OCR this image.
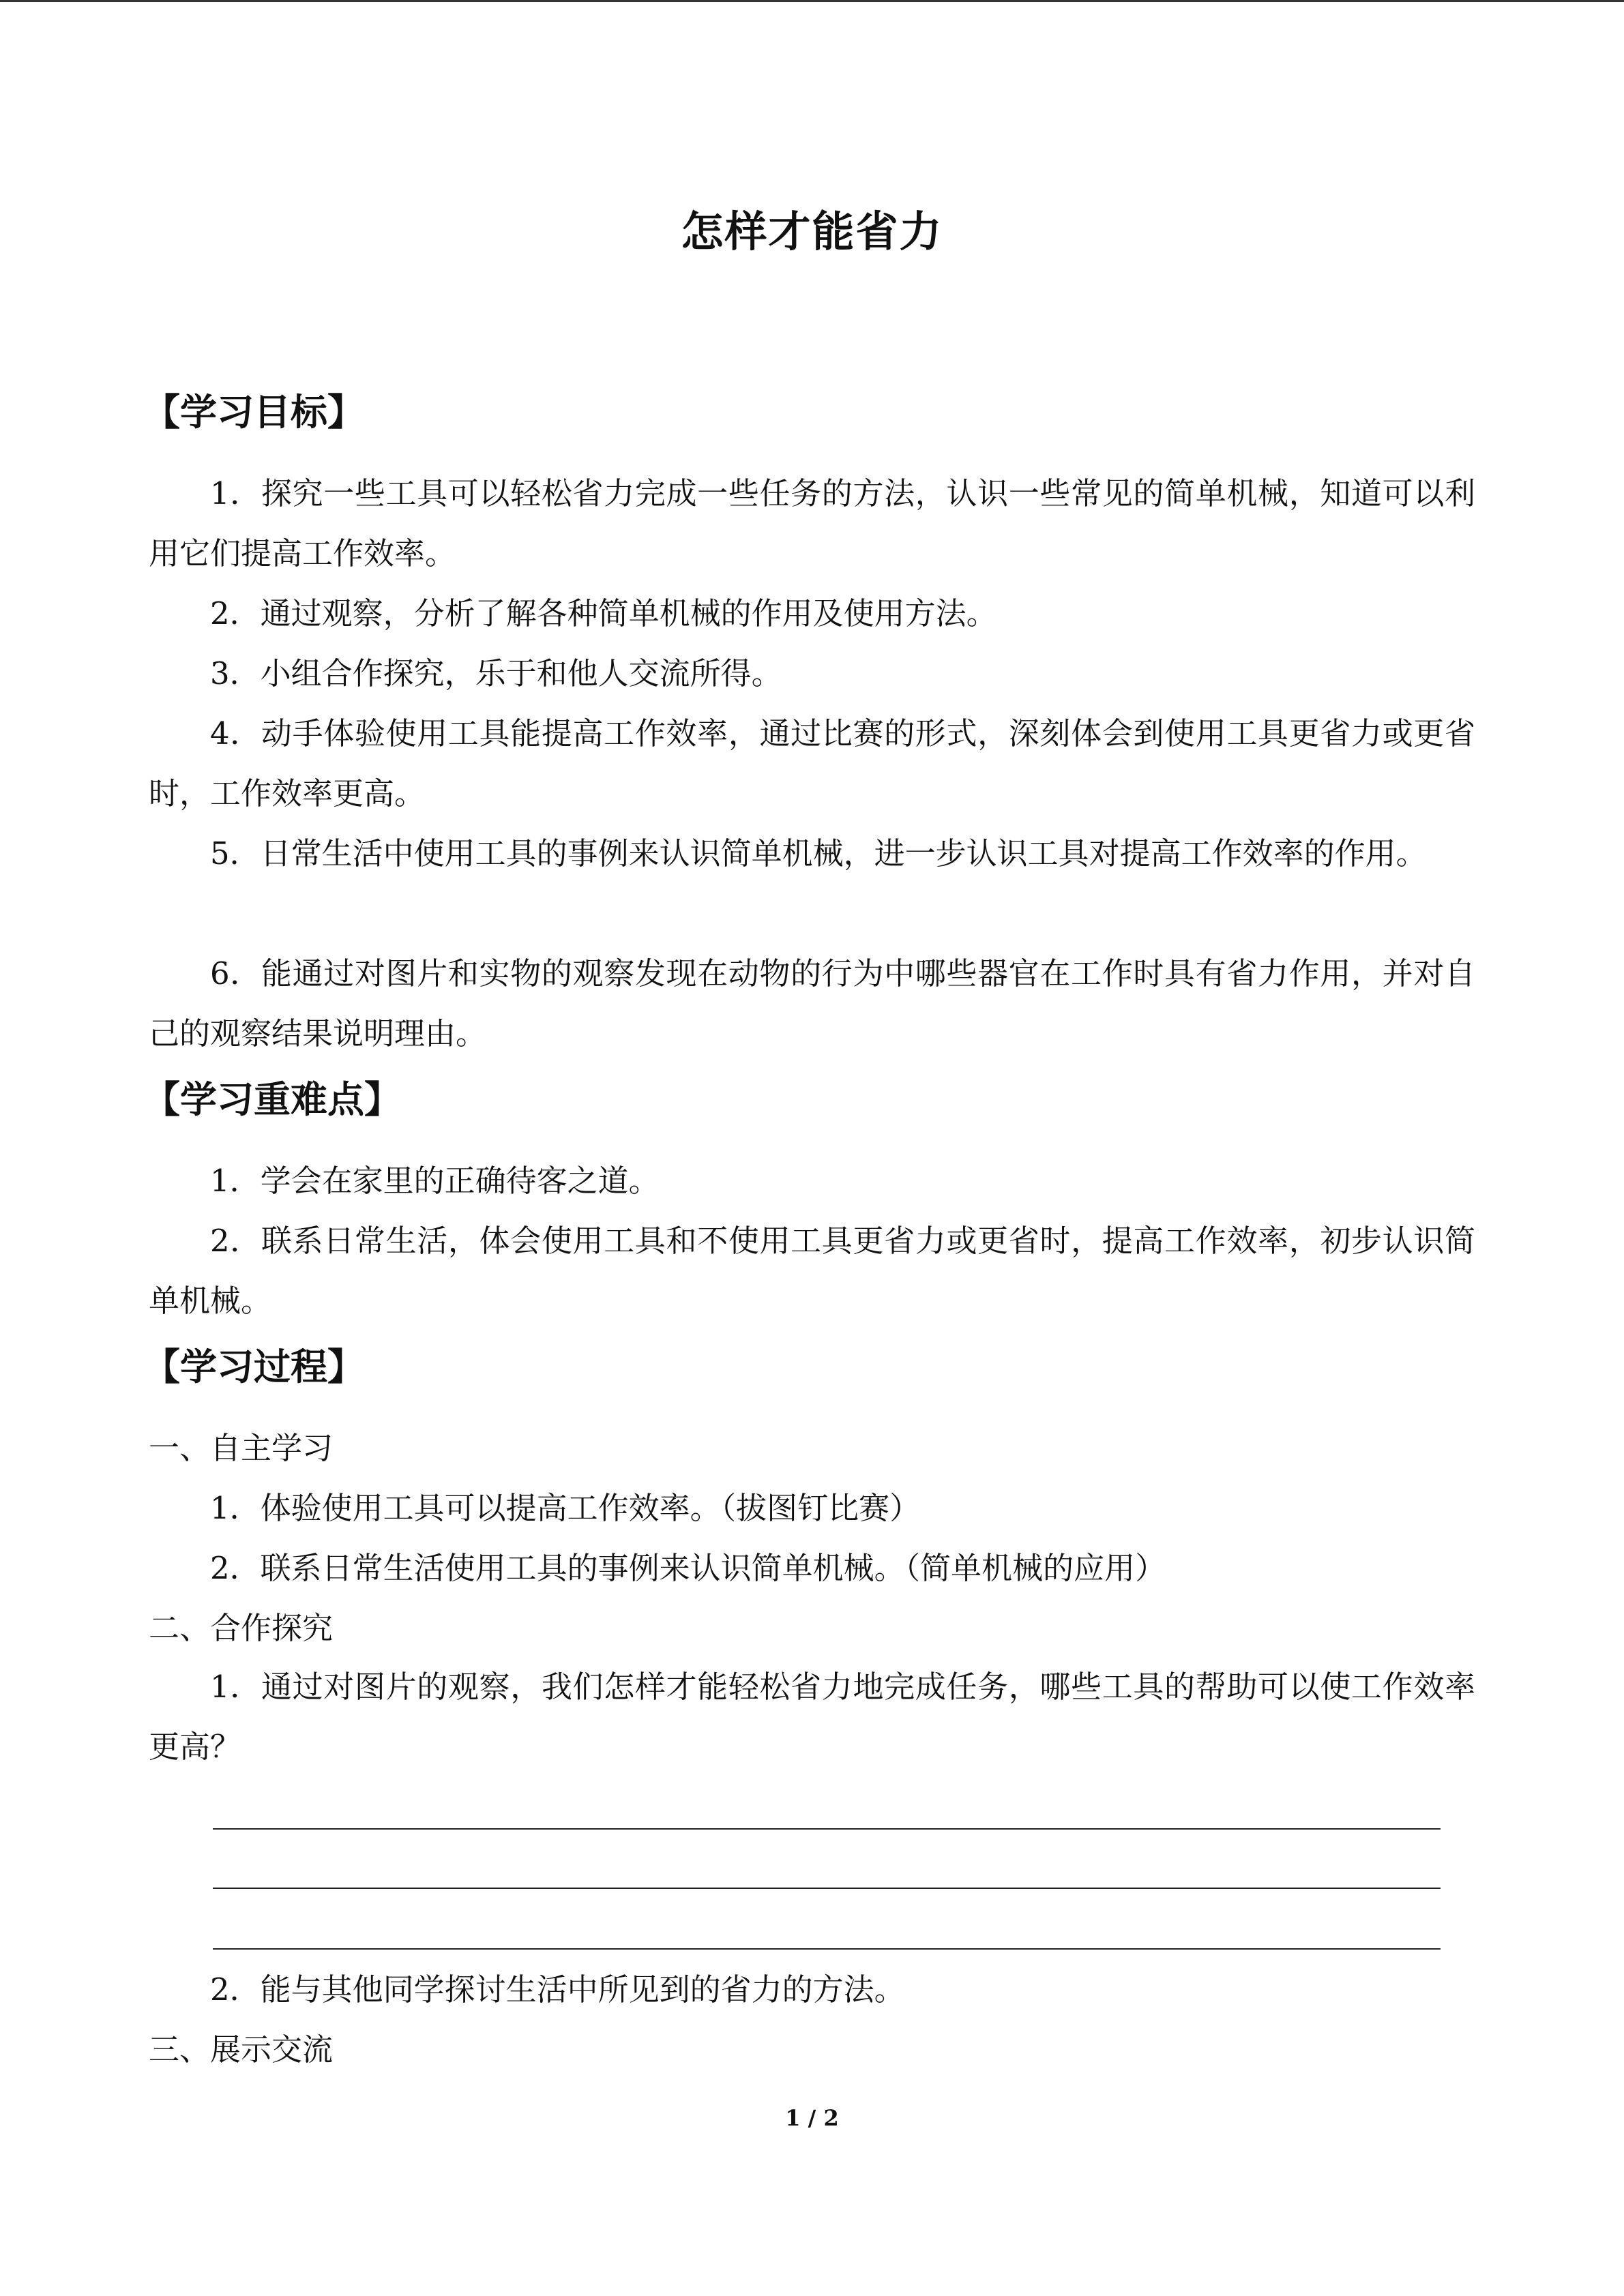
怎样才能省力
【学习目标】
1．探究一些工具可以轻松省力完成一些任务的方法，认识一些常见的简单机械，知道可以利用它们提高工作效率。
2．通过观察，分析了解各种简单机械的作用及使用方法。
3．小组合作探究，乐于和他人交流所得。
4．动手体验使用工具能提高工作效率，通过比赛的形式，深刻体会到使用工具更省力或更省时，工作效率更高。
5．日常生活中使用工具的事例来认识简单机械，进一步认识工具对提高工作效率的作用。
6．能通过对图片和实物的观察发现在动物的行为中哪些器官在工作时具有省力作用，并对自己的观察结果说明理由。
【学习重难点】
1．学会在家里的正确待客之道。
2．联系日常生活，体会使用工具和不使用工具更省力或更省时，提高工作效率，初步认识简单机械。
【学习过程】
一、自主学习
1．体验使用工具可以提高工作效率。（拔图钉比赛）
2．联系日常生活使用工具的事例来认识简单机械。（简单机械的应用）
二、合作探究
1．通过对图片的观察，我们怎样才能轻松省力地完成任务，哪些工具的帮助可以使工作效率更高？
2．能与其他同学探讨生活中所见到的省力的方法。
三、展示交流
1 / 2
